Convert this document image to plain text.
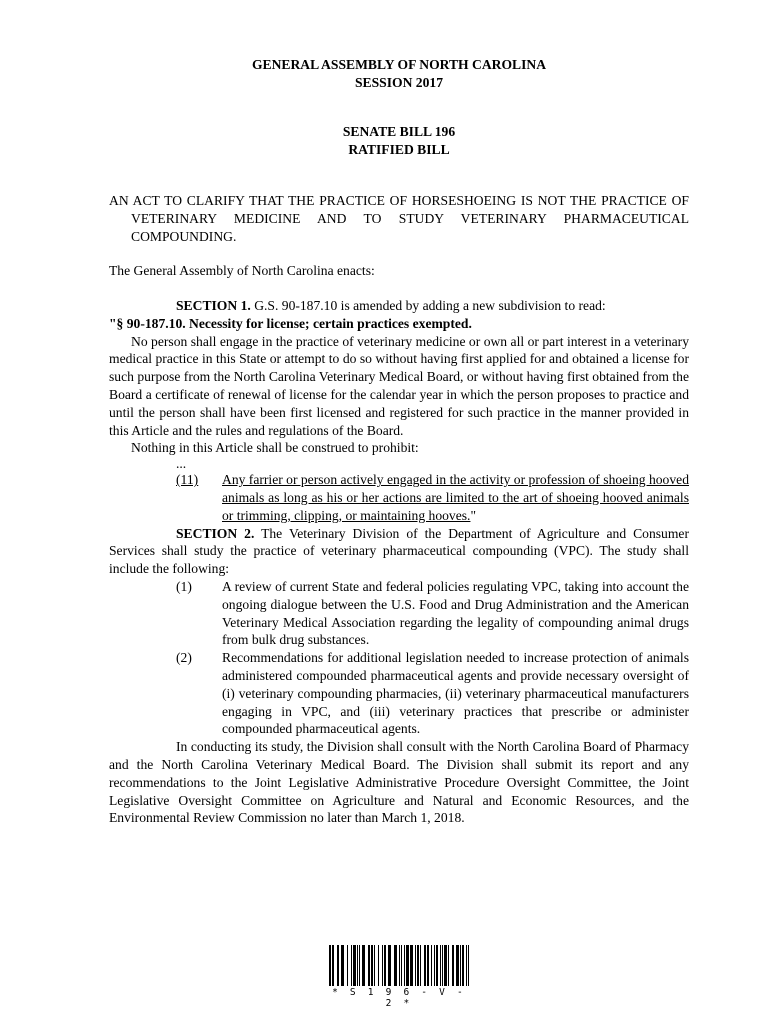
GENERAL ASSEMBLY OF NORTH CAROLINA
SESSION 2017
SENATE BILL 196
RATIFIED BILL
AN ACT TO CLARIFY THAT THE PRACTICE OF HORSESHOEING IS NOT THE PRACTICE OF VETERINARY MEDICINE AND TO STUDY VETERINARY PHARMACEUTICAL COMPOUNDING.
The General Assembly of North Carolina enacts:

SECTION 1. G.S. 90-187.10 is amended by adding a new subdivision to read:

"§ 90-187.10. Necessity for license; certain practices exempted.

No person shall engage in the practice of veterinary medicine or own all or part interest in a veterinary medical practice in this State or attempt to do so without having first applied for and obtained a license for such purpose from the North Carolina Veterinary Medical Board, or without having first obtained from the Board a certificate of renewal of license for the calendar year in which the person proposes to practice and until the person shall have been first licensed and registered for such practice in the manner provided in this Article and the rules and regulations of the Board.

Nothing in this Article shall be construed to prohibit:

...
(11)	Any farrier or person actively engaged in the activity or profession of shoeing hooved animals as long as his or her actions are limited to the art of shoeing hooved animals or trimming, clipping, or maintaining hooves."

SECTION 2. The Veterinary Division of the Department of Agriculture and Consumer Services shall study the practice of veterinary pharmaceutical compounding (VPC). The study shall include the following:

(1)	A review of current State and federal policies regulating VPC, taking into account the ongoing dialogue between the U.S. Food and Drug Administration and the American Veterinary Medical Association regarding the legality of compounding animal drugs from bulk drug substances.
(2)	Recommendations for additional legislation needed to increase protection of animals administered compounded pharmaceutical agents and provide necessary oversight of (i) veterinary compounding pharmacies, (ii) veterinary pharmaceutical manufacturers engaging in VPC, and (iii) veterinary practices that prescribe or administer compounded pharmaceutical agents.

In conducting its study, the Division shall consult with the North Carolina Board of Pharmacy and the North Carolina Veterinary Medical Board. The Division shall submit its report and any recommendations to the Joint Legislative Administrative Procedure Oversight Committee, the Joint Legislative Oversight Committee on Agriculture and Natural and Economic Resources, and the Environmental Review Commission no later than March 1, 2018.

* S 1 9 6 - V - 2 *
